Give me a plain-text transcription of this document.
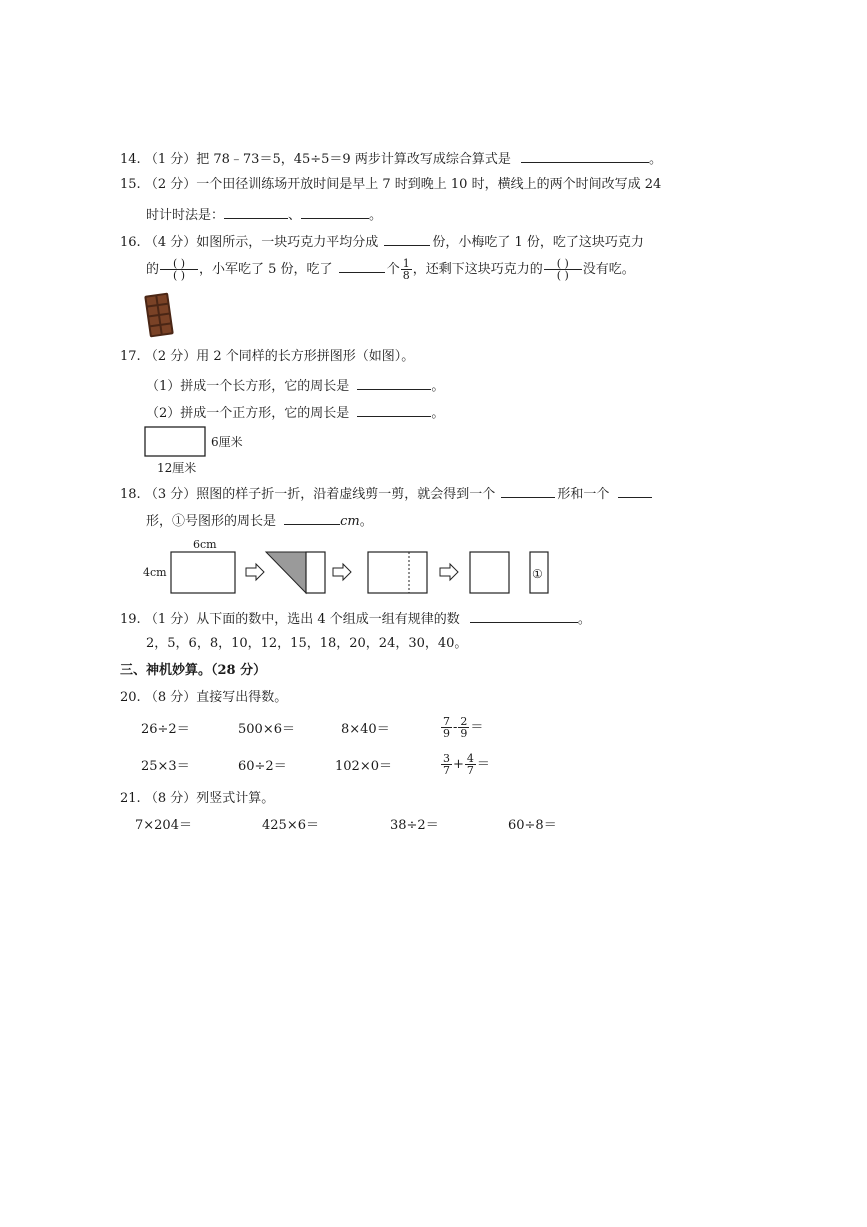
14. （1 分）把 78﹣73＝5，45÷5＝9 两步计算改写成综合算式是	。
15. （2 分）一个田径训练场开放时间是早上 7 时到晚上 10 时，横线上的两个时间改写成 24
时计时法是：	、	。
16. （4 分）如图所示，一块巧克力平均分成	份，小梅吃了 1 份，吃了这块巧克力
的 $\frac{( )}{( )}$ ，小军吃了 5 份，吃了	个 $\frac{1}{8}$ ，还剩下这块巧克力的 $\frac{( )}{( )}$ 没有吃。
17. （2 分）用 2 个同样的长方形拼图形（如图）。
（1）拼成一个长方形，它的周长是	。
（2）拼成一个正方形，它的周长是	。
6厘米
12厘米
18. （3 分）照图的样子折一折，沿着虚线剪一剪，就会得到一个	形和一个
形，①号图形的周长是	cm。
6cm
4cm	①
19. （1 分）从下面的数中，选出 4 个组成一组有规律的数	。
2，5，6，8，10，12，15，18，20，24，30，40。
三、神机妙算。（28 分）
20. （8 分）直接写出得数。
26÷2＝	500×6＝	8×40＝	$\frac{7}{9} - \frac{2}{9}$ ＝
25×3＝	60÷2＝	102×0＝	$\frac{3}{7} + \frac{4}{7}$ ＝
21. （8 分）列竖式计算。
7×204＝	425×6＝	38÷2＝	60÷8＝
